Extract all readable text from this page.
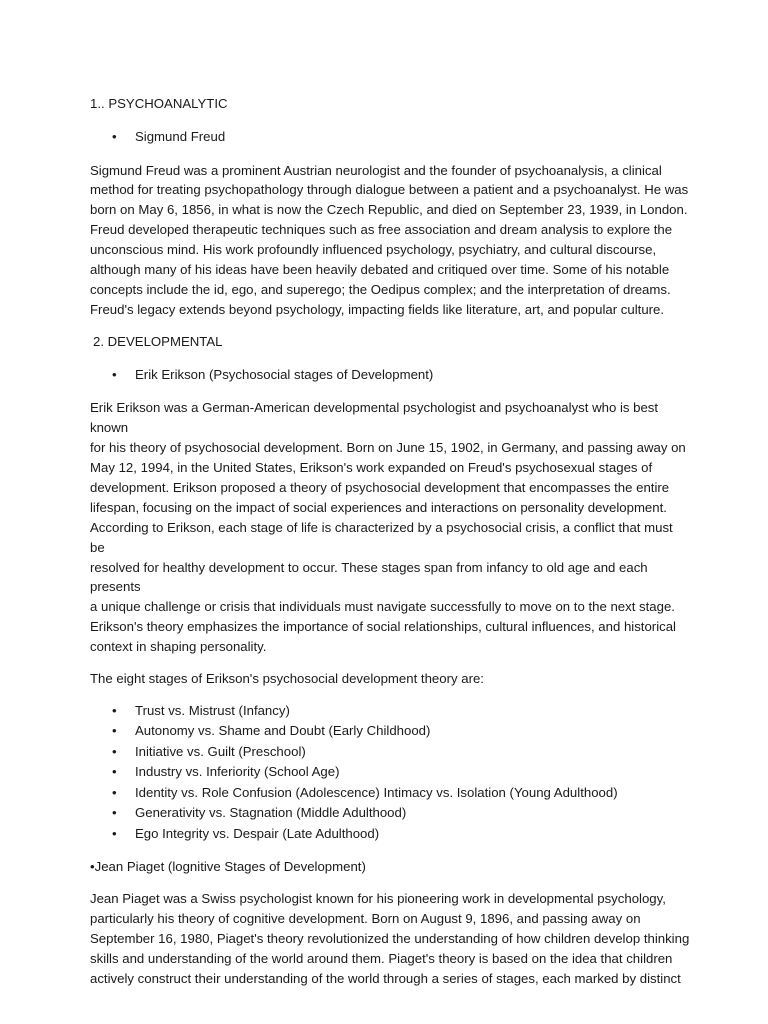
1.. PSYCHOANALYTIC
• Sigmund Freud

Sigmund Freud was a prominent Austrian neurologist and the founder of psychoanalysis, a clinical
method for treating psychopathology through dialogue between a patient and a psychoanalyst. He was
born on May 6, 1856, in what is now the Czech Republic, and died on September 23, 1939, in London.
Freud developed therapeutic techniques such as free association and dream analysis to explore the
unconscious mind. His work profoundly influenced psychology, psychiatry, and cultural discourse,
although many of his ideas have been heavily debated and critiqued over time. Some of his notable
concepts include the id, ego, and superego; the Oedipus complex; and the interpretation of dreams.
Freud's legacy extends beyond psychology, impacting fields like literature, art, and popular culture.

2. DEVELOPMENTAL
• Erik Erikson (Psychosocial stages of Development)

Erik Erikson was a German-American developmental psychologist and psychoanalyst who is best known
for his theory of psychosocial development. Born on June 15, 1902, in Germany, and passing away on
May 12, 1994, in the United States, Erikson's work expanded on Freud's psychosexual stages of
development. Erikson proposed a theory of psychosocial development that encompasses the entire
lifespan, focusing on the impact of social experiences and interactions on personality development.
According to Erikson, each stage of life is characterized by a psychosocial crisis, a conflict that must be
resolved for healthy development to occur. These stages span from infancy to old age and each presents
a unique challenge or crisis that individuals must navigate successfully to move on to the next stage.
Erikson's theory emphasizes the importance of social relationships, cultural influences, and historical
context in shaping personality.

The eight stages of Erikson's psychosocial development theory are:

• Trust vs. Mistrust (Infancy)
• Autonomy vs. Shame and Doubt (Early Childhood)
• Initiative vs. Guilt (Preschool)
• Industry vs. Inferiority (School Age)
• Identity vs. Role Confusion (Adolescence) Intimacy vs. Isolation (Young Adulthood)
• Generativity vs. Stagnation (Middle Adulthood)
• Ego Integrity vs. Despair (Late Adulthood)
•Jean Piaget (lognitive Stages of Development)

Jean Piaget was a Swiss psychologist known for his pioneering work in developmental psychology,
particularly his theory of cognitive development. Born on August 9, 1896, and passing away on
September 16, 1980, Piaget's theory revolutionized the understanding of how children develop thinking
skills and understanding of the world around them. Piaget's theory is based on the idea that children
actively construct their understanding of the world through a series of stages, each marked by distinct
